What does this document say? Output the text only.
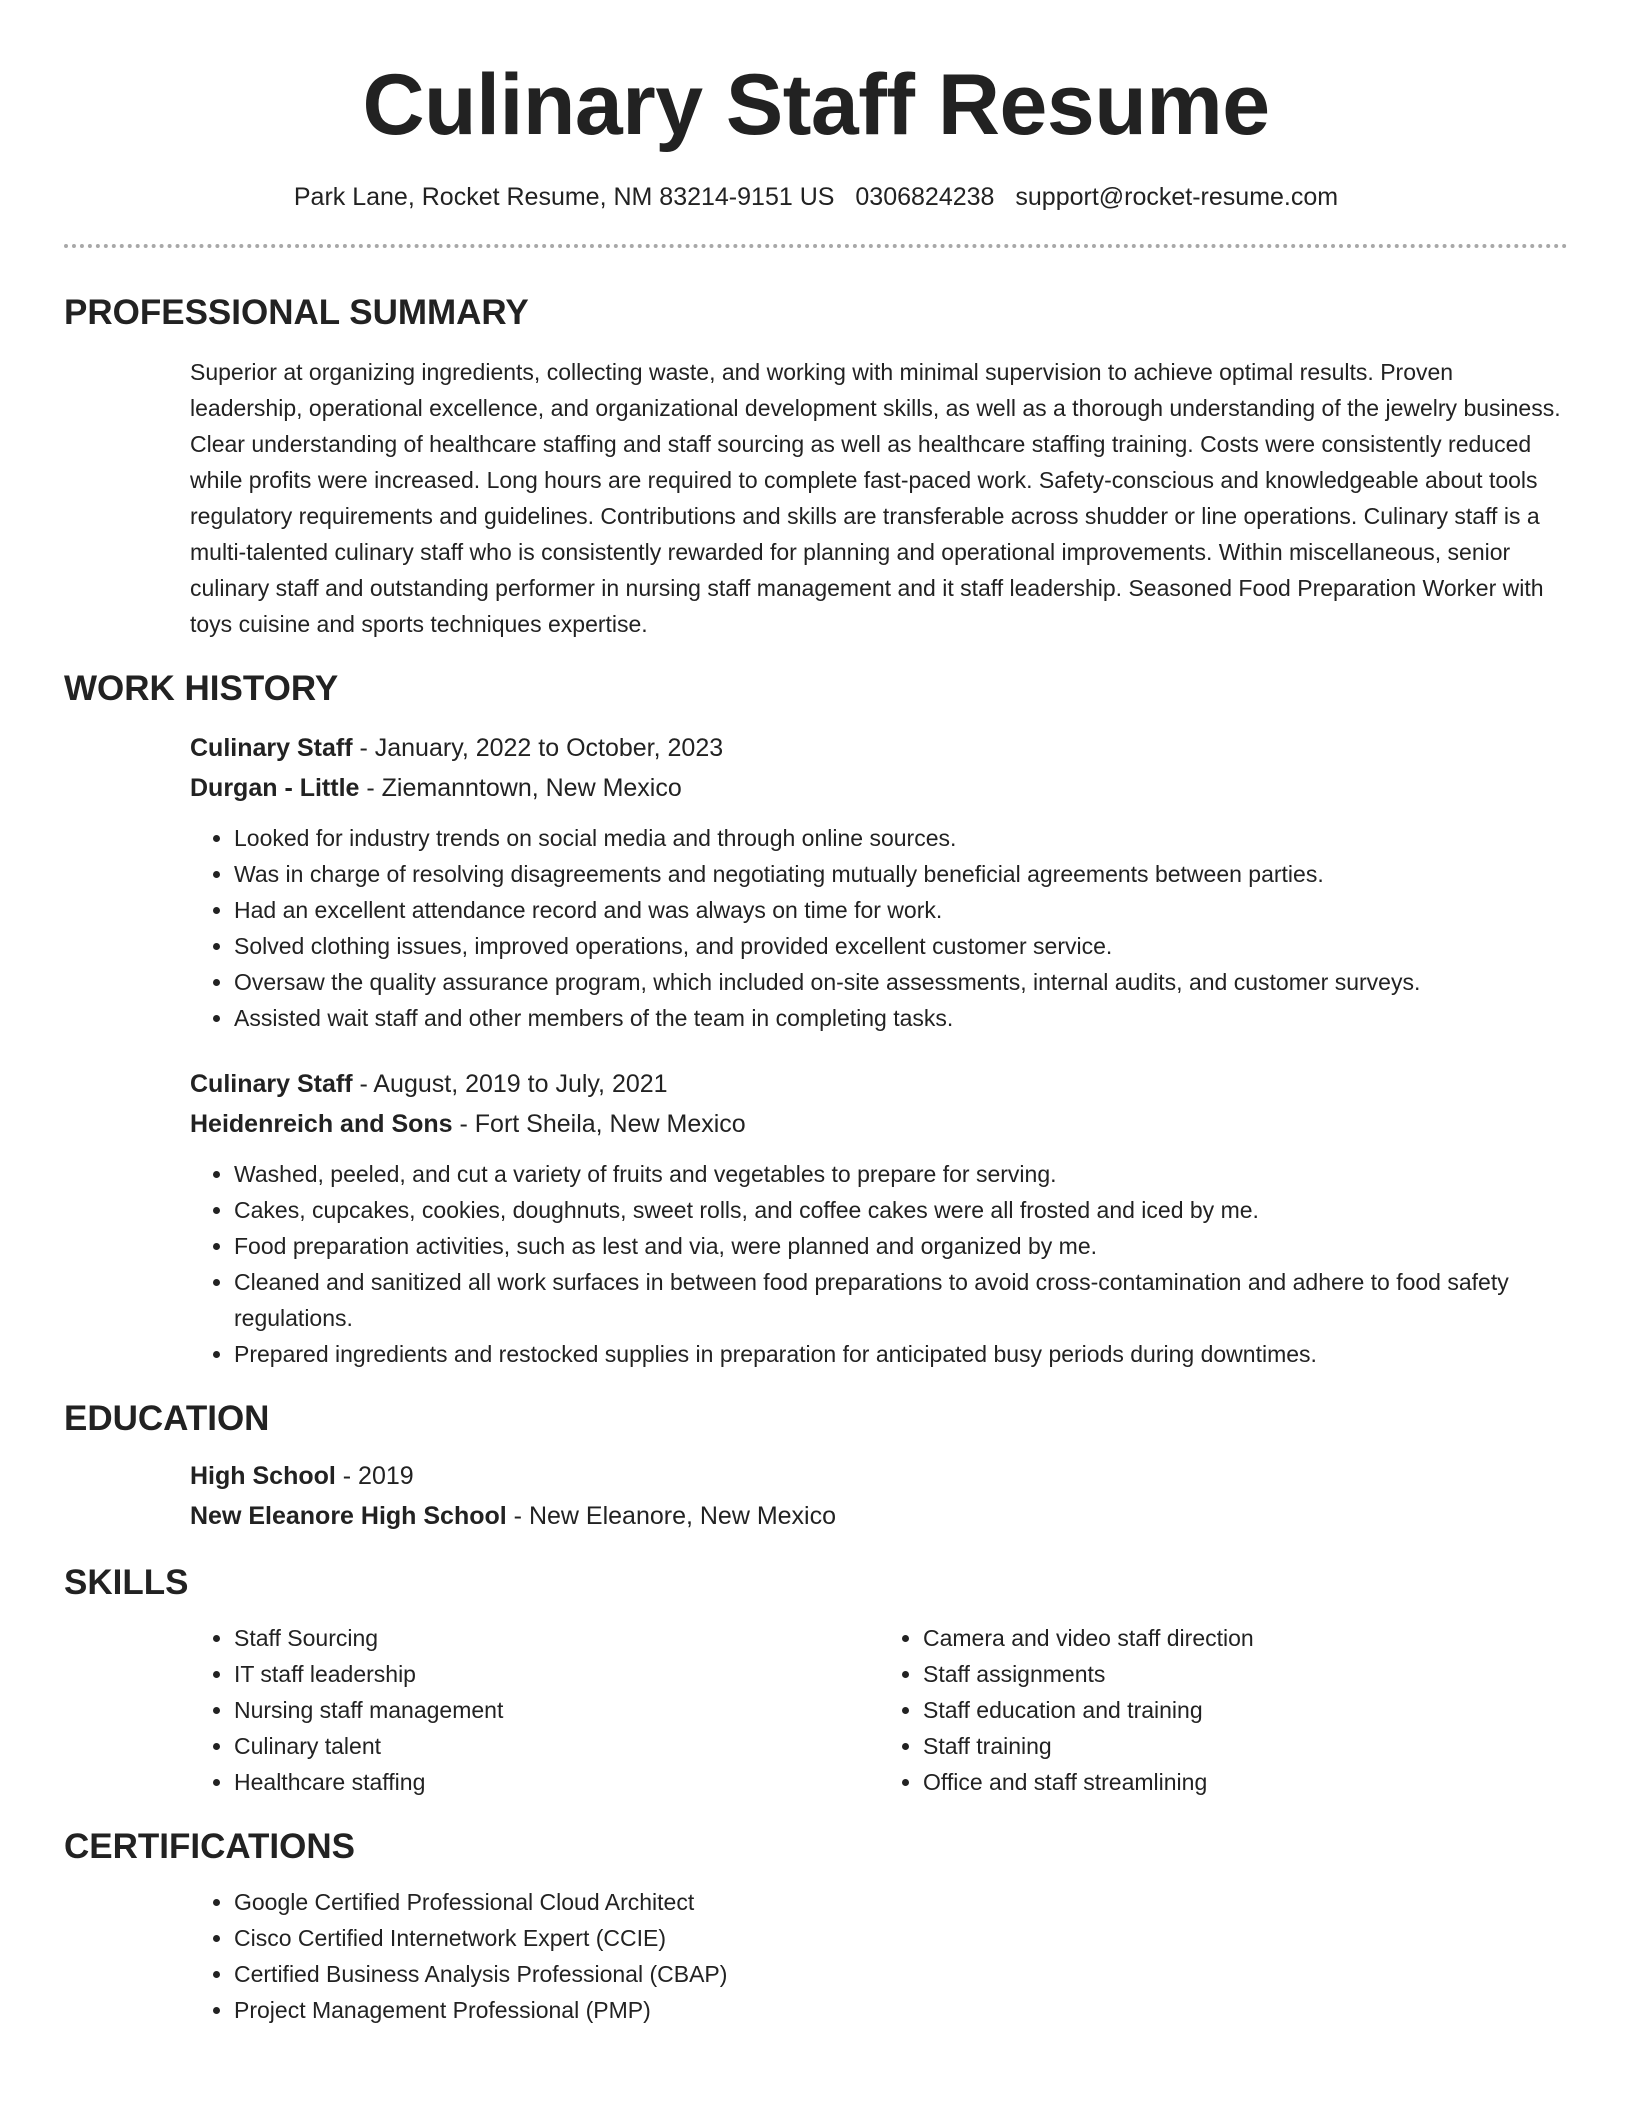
Culinary Staff Resume
Park Lane, Rocket Resume, NM 83214-9151 US 0306824238 support@rocket-resume.com
PROFESSIONAL SUMMARY

Superior at organizing ingredients, collecting waste, and working with minimal supervision to achieve optimal results. Proven leadership, operational excellence, and organizational development skills, as well as a thorough understanding of the jewelry business. Clear understanding of healthcare staffing and staff sourcing as well as healthcare staffing training. Costs were consistently reduced while profits were increased. Long hours are required to complete fast-paced work. Safety-conscious and knowledgeable about tools regulatory requirements and guidelines. Contributions and skills are transferable across shudder or line operations. Culinary staff is a multi-talented culinary staff who is consistently rewarded for planning and operational improvements. Within miscellaneous, senior culinary staff and outstanding performer in nursing staff management and it staff leadership. Seasoned Food Preparation Worker with toys cuisine and sports techniques expertise.

WORK HISTORY
Culinary Staff - January, 2022 to October, 2023
Durgan - Little - Ziemanntown, New Mexico
• Looked for industry trends on social media and through online sources.
• Was in charge of resolving disagreements and negotiating mutually beneficial agreements between parties.
• Had an excellent attendance record and was always on time for work.
• Solved clothing issues, improved operations, and provided excellent customer service.
• Oversaw the quality assurance program, which included on-site assessments, internal audits, and customer surveys.
• Assisted wait staff and other members of the team in completing tasks.
Culinary Staff - August, 2019 to July, 2021
Heidenreich and Sons - Fort Sheila, New Mexico
• Washed, peeled, and cut a variety of fruits and vegetables to prepare for serving.
• Cakes, cupcakes, cookies, doughnuts, sweet rolls, and coffee cakes were all frosted and iced by me.
• Food preparation activities, such as lest and via, were planned and organized by me.
• Cleaned and sanitized all work surfaces in between food preparations to avoid cross-contamination and adhere to food safety regulations.
• Prepared ingredients and restocked supplies in preparation for anticipated busy periods during downtimes.
EDUCATION
High School - 2019
New Eleanore High School - New Eleanore, New Mexico
SKILLS
• Staff Sourcing
• IT staff leadership
• Nursing staff management
• Culinary talent
• Healthcare staffing
• Camera and video staff direction
• Staff assignments
• Staff education and training
• Staff training
• Office and staff streamlining
CERTIFICATIONS
• Google Certified Professional Cloud Architect
• Cisco Certified Internetwork Expert (CCIE)
• Certified Business Analysis Professional (CBAP)
• Project Management Professional (PMP)
